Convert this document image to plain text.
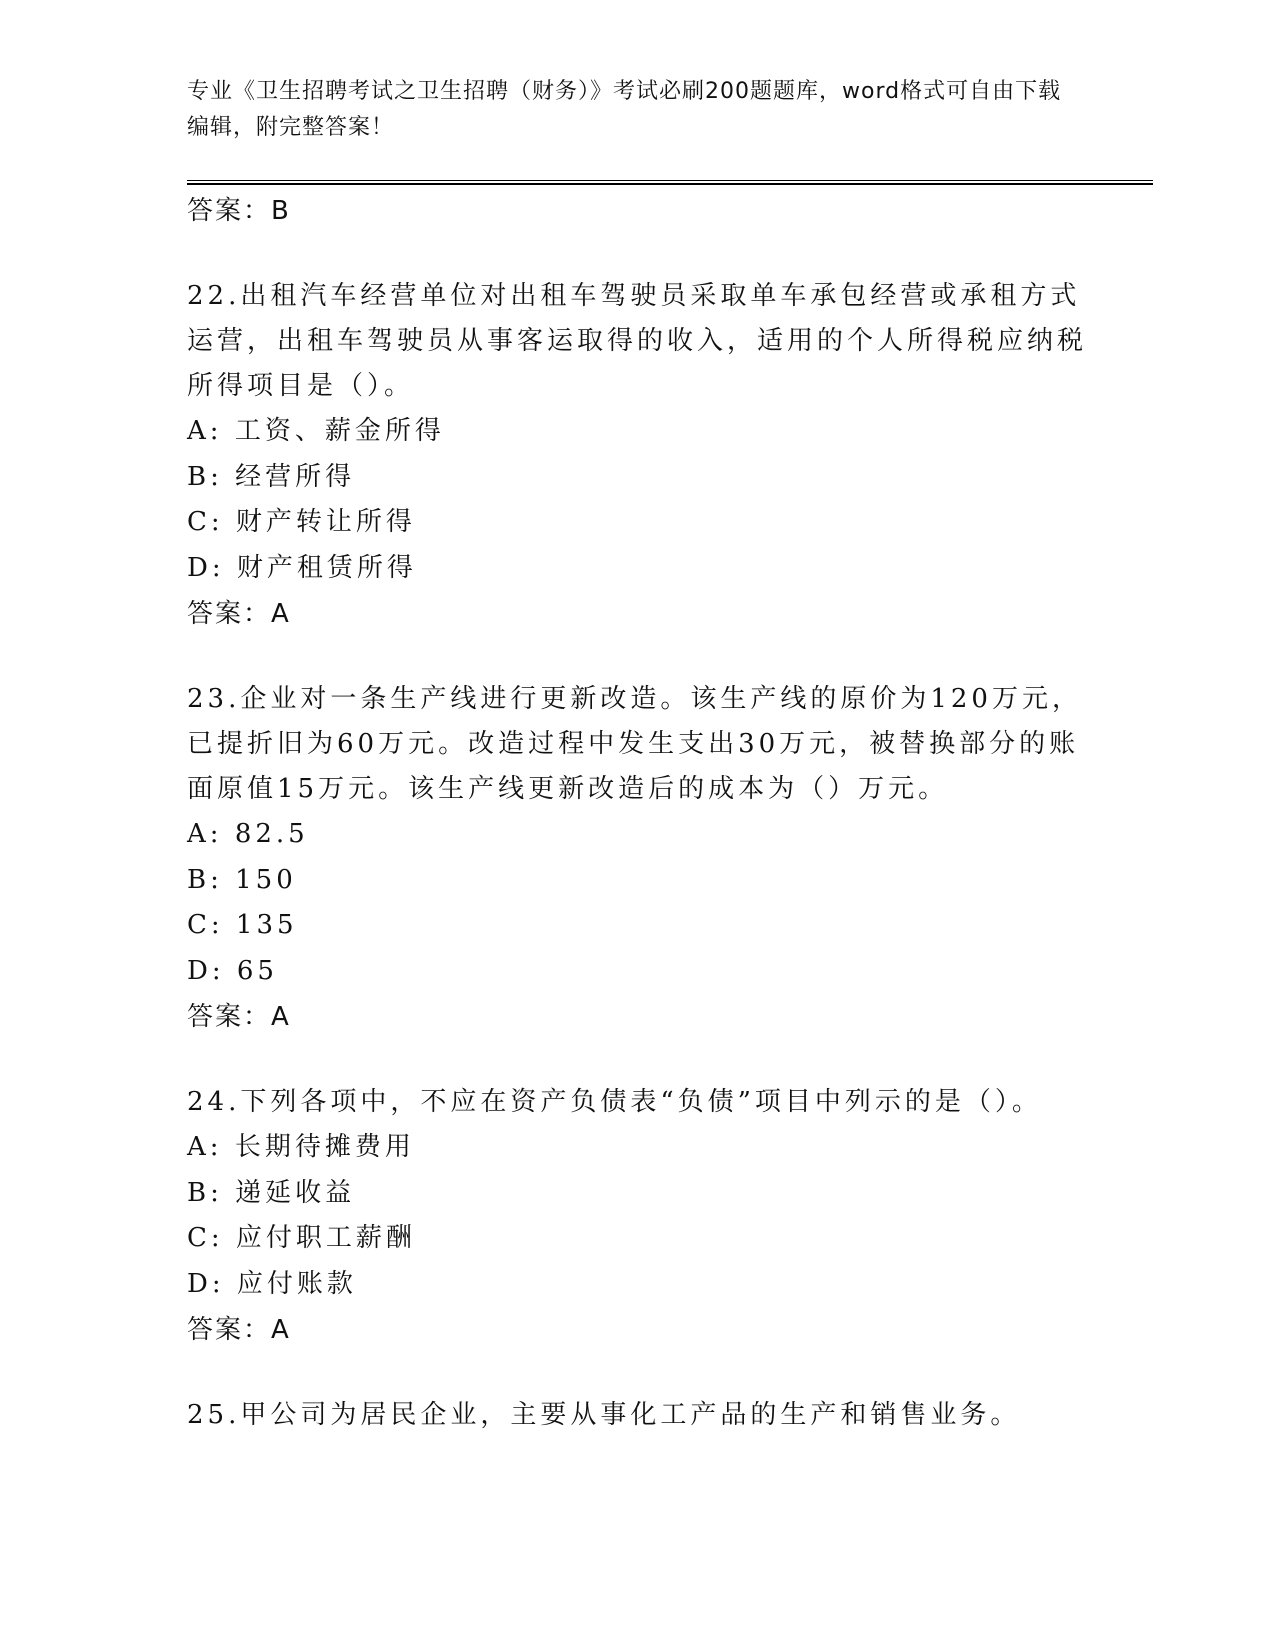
专业《卫生招聘考试之卫生招聘（财务）》考试必刷200题题库，word格式可自由下载编辑，附完整答案！
答案：B
22.出租汽车经营单位对出租车驾驶员采取单车承包经营或承租方式运营，出租车驾驶员从事客运取得的收入，适用的个人所得税应纳税所得项目是（）。
A: 工资、薪金所得
B: 经营所得
C: 财产转让所得
D: 财产租赁所得
答案：A
23.企业对一条生产线进行更新改造。该生产线的原价为120万元，已提折旧为60万元。改造过程中发生支出30万元，被替换部分的账面原值15万元。该生产线更新改造后的成本为（）万元。
A: 82.5
B: 150
C: 135
D: 65
答案：A
24.下列各项中，不应在资产负债表“负债”项目中列示的是（）。
A: 长期待摊费用
B: 递延收益
C: 应付职工薪酬
D: 应付账款
答案：A
25.甲公司为居民企业，主要从事化工产品的生产和销售业务。
